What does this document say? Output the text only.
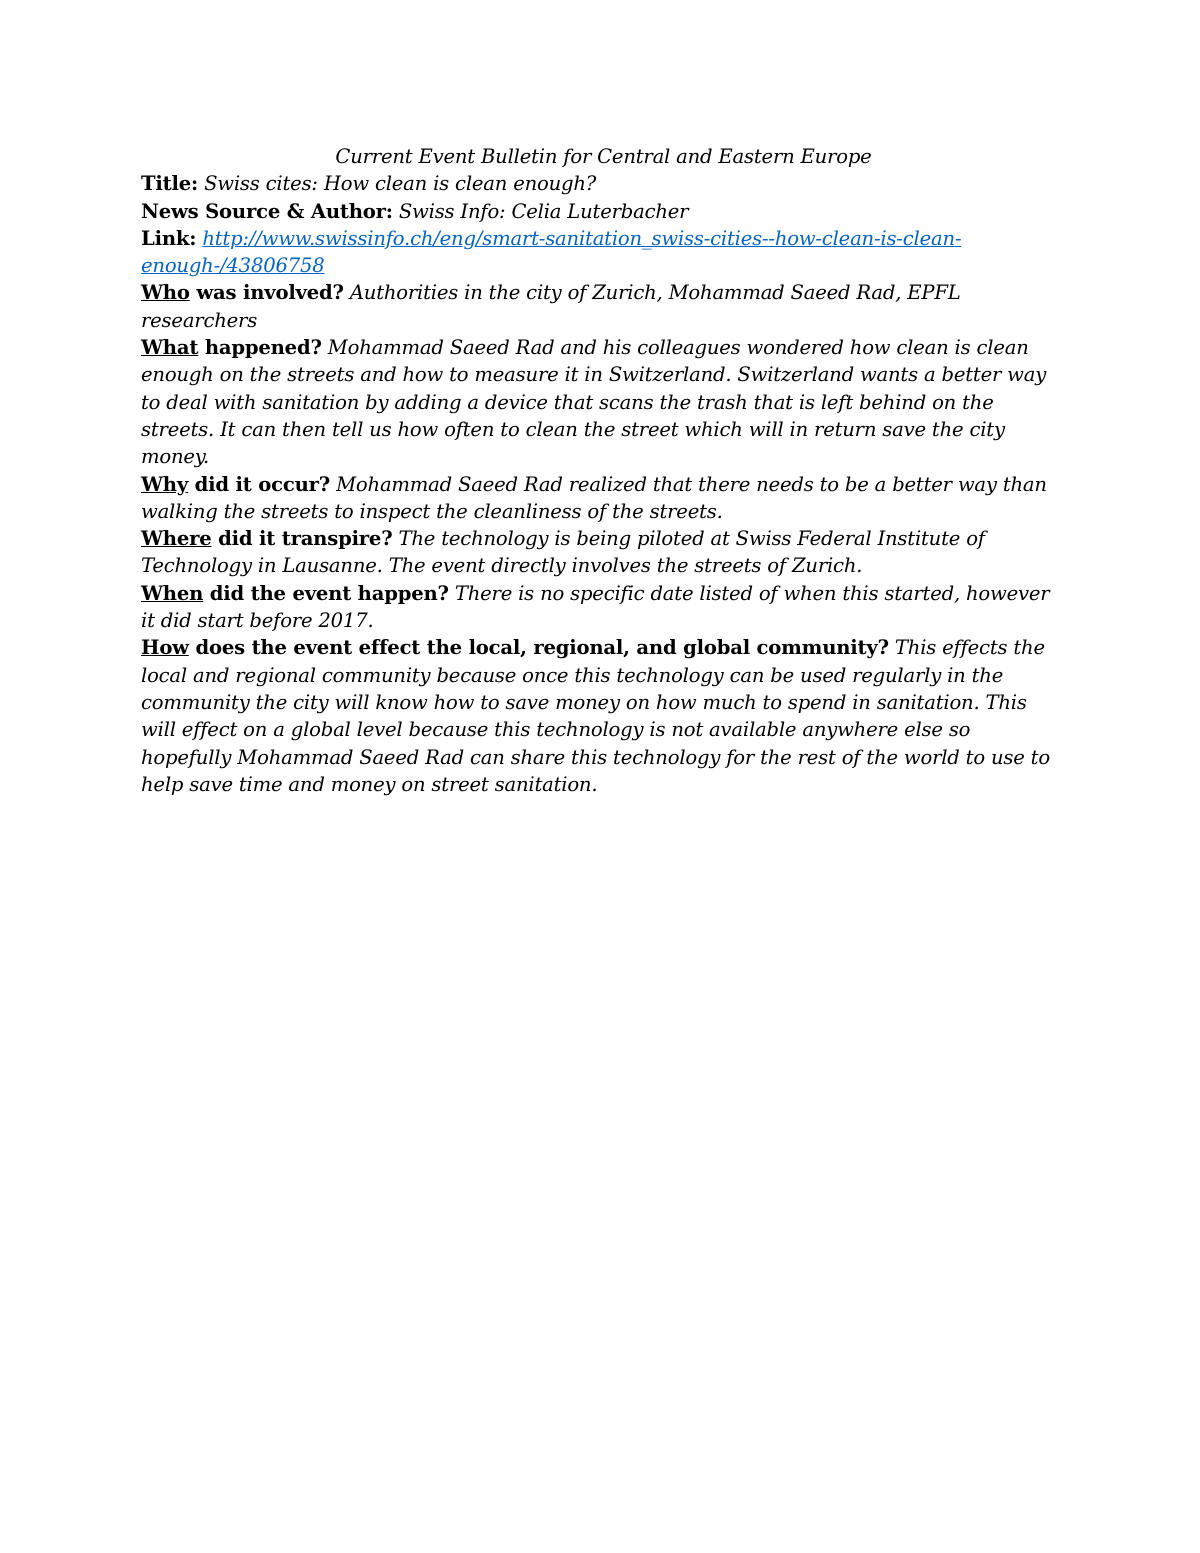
Current Event Bulletin for Central and Eastern Europe

Title: Swiss cites: How clean is clean enough?

News Source & Author: Swiss Info: Celia Luterbacher

Link: http://www.swissinfo.ch/eng/smart-sanitation_swiss-cities--how-clean-is-clean-
enough-/43806758

Who was involved? Authorities in the city of Zurich, Mohammad Saeed Rad, EPFL researchers

What happened? Mohammad Saeed Rad and his colleagues wondered how clean is clean enough on the streets and how to measure it in Switzerland. Switzerland wants a better way to deal with sanitation by adding a device that scans the trash that is left behind on the streets. It can then tell us how often to clean the street which will in return save the city money.

Why did it occur? Mohammad Saeed Rad realized that there needs to be a better way than walking the streets to inspect the cleanliness of the streets.

Where did it transpire? The technology is being piloted at Swiss Federal Institute of Technology in Lausanne. The event directly involves the streets of Zurich.

When did the event happen? There is no specific date listed of when this started, however it did start before 2017.

How does the event effect the local, regional, and global community? This effects the local and regional community because once this technology can be used regularly in the community the city will know how to save money on how much to spend in sanitation. This will effect on a global level because this technology is not available anywhere else so hopefully Mohammad Saeed Rad can share this technology for the rest of the world to use to help save time and money on street sanitation.
